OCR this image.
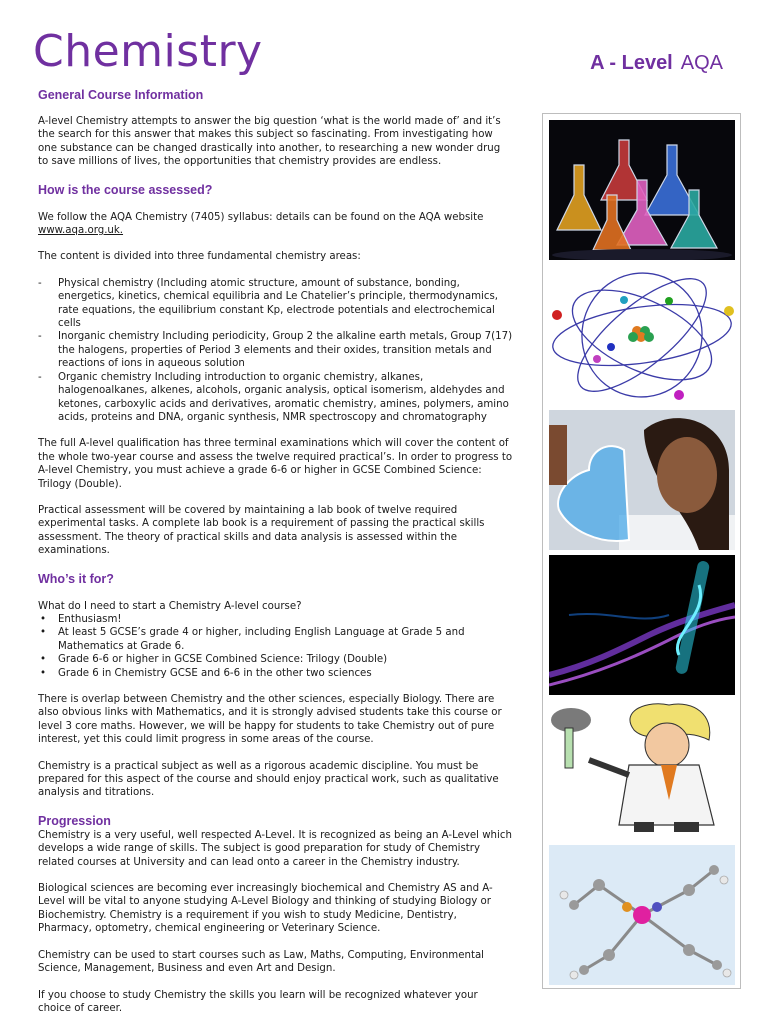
Chemistry	A - Level AQA
General Course Information

A-level Chemistry attempts to answer the big question ‘what is the world made of’ and it’s the search for this answer that makes this subject so fascinating. From investigating how one substance can be changed drastically into another, to researching a new wonder drug to save millions of lives, the opportunities that chemistry provides are endless.

How is the course assessed?

We follow the AQA Chemistry (7405) syllabus: details can be found on the AQA website
www.aqa.org.uk.

The content is divided into three fundamental chemistry areas:

- Physical chemistry (Including atomic structure, amount of substance, bonding, energetics, kinetics, chemical equilibria and Le Chatelier’s principle, thermodynamics, rate equations, the equilibrium constant Kp, electrode potentials and electrochemical cells
- Inorganic chemistry Including periodicity, Group 2 the alkaline earth metals, Group 7(17) the halogens, properties of Period 3 elements and their oxides, transition metals and reactions of ions in aqueous solution
- Organic chemistry Including introduction to organic chemistry, alkanes, halogenoalkanes, alkenes, alcohols, organic analysis, optical isomerism, aldehydes and ketones, carboxylic acids and derivatives, aromatic chemistry, amines, polymers, amino acids, proteins and DNA, organic synthesis, NMR spectroscopy and chromatography

The full A-level qualification has three terminal examinations which will cover the content of the whole two-year course and assess the twelve required practical’s. In order to progress to A-level Chemistry, you must achieve a grade 6-6 or higher in GCSE Combined Science: Trilogy (Double).

Practical assessment will be covered by maintaining a lab book of twelve required experimental tasks. A complete lab book is a requirement of passing the practical skills assessment. The theory of practical skills and data analysis is assessed within the examinations.

Who’s it for?

What do I need to start a Chemistry A-level course?

• Enthusiasm!
• At least 5 GCSE’s grade 4 or higher, including English Language at Grade 5 and Mathematics at Grade 6.
• Grade 6-6 or higher in GCSE Combined Science: Trilogy (Double)
• Grade 6 in Chemistry GCSE and 6-6 in the other two sciences

There is overlap between Chemistry and the other sciences, especially Biology. There are also obvious links with Mathematics, and it is strongly advised students take this course or level 3 core maths. However, we will be happy for students to take Chemistry out of pure interest, yet this could limit progress in some areas of the course.

Chemistry is a practical subject as well as a rigorous academic discipline. You must be prepared for this aspect of the course and should enjoy practical work, such as qualitative analysis and titrations.

Progression

Chemistry is a very useful, well respected A-Level. It is recognized as being an A-Level which develops a wide range of skills. The subject is good preparation for study of Chemistry related courses at University and can lead onto a career in the Chemistry industry.

Biological sciences are becoming ever increasingly biochemical and Chemistry AS and A-Level will be vital to anyone studying A-Level Biology and thinking of studying Biology or Biochemistry. Chemistry is a requirement if you wish to study Medicine, Dentistry, Pharmacy, optometry, chemical engineering or Veterinary Science.

Chemistry can be used to start courses such as Law, Maths, Computing, Environmental Science, Management, Business and even Art and Design.

If you choose to study Chemistry the skills you learn will be recognized whatever your choice of career.
